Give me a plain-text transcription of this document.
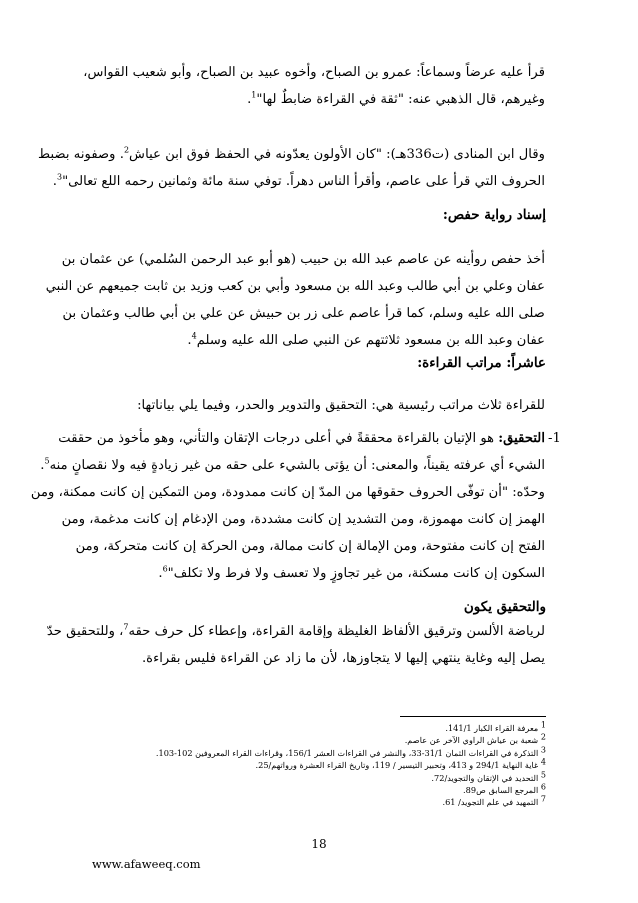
قرأ عليه عرضاً وسماعاً: عمرو بن الصباح، وأخوه عبيد بن الصباح، وأبو شعيب القواس،
وغيرهم، قال الذهبي عنه: "ثقة في القراءة ضابطٌ لها"$^1$.
وقال ابن المنادى (ت336هـ): "كان الأولون يعدّونه في الحفظ فوق ابن عياش$^2$. وصفونه بضبط
الحروف التي قرأ على عاصم، وأقرأ الناس دهراً. توفي سنة مائة وثمانين رحمه اللع تعالى"$^3$.
إسناد رواية حفص:
أخذ حفص روأينه عن عاصم عبد الله بن حبيب (هو أبو عبد الرحمن السُلمي) عن عثمان بن
عفان وعلي بن أبي طالب وعبد الله بن مسعود وأبي بن كعب وزيد بن ثابت جميعهم عن النبي
صلى الله عليه وسلم، كما قرأ عاصم على زر بن حبيش عن علي بن أبي طالب وعثمان بن
عفان وعبد الله بن مسعود ثلاثتهم عن النبي صلى الله عليه وسلم$^4$.
عاشراً: مراتب القراءة:
للقراءة ثلاث مراتب رئيسية هي: التحقيق والتدوير والحدر، وفيما يلي بياناتها:
1-
التحقيق: هو الإتيان بالقراءة محققةً في أعلى درجات الإتقان والتأني، وهو مأخوذ من حققت
الشيء أي عرفته يقيناً، والمعنى: أن يؤتى بالشيء على حقه من غير زيادةٍ فيه ولا نقصانٍ منه$^5$.
وحدّه: "أن توفّى الحروف حقوقها من المدّ إن كانت ممدودة، ومن التمكين إن كانت ممكنة، ومن
الهمز إن كانت مهموزة، ومن التشديد إن كانت مشددة، ومن الإدغام إن كانت مدغمة، ومن
الفتح إن كانت مفتوحة، ومن الإمالة إن كانت ممالة، ومن الحركة إن كانت متحركة، ومن
السكون إن كانت مسكنة، من غير تجاوزٍ ولا تعسف ولا فرط ولا تكلف"$^6$.
والتحقيق يكون
لرياضة الألسن وترقيق الألفاظ الغليظة وإقامة القراءة، وإعطاء كل حرف حقه$^7$، وللتحقيق حدّ
يصل إليه وغاية ينتهي إليها لا يتجاوزها، لأن ما زاد عن القراءة فليس بقراءة.
1 معرفة القراء الكبار 141/1.
2 شعبة بن عياش الراوي الآخر عن عاصم.
3 التذكرة في القراءات الثمان 31/1-33، والنشر في القراءات العشر 156/1، وقراءات القراء المعروفين 102-103.
4 غاية النهاية 294/1 و 413، وتحبير التيسير / 119، وتاريخ القراء العشرة ورواتهم/25.
5 التحديد في الإتقان والتجويد/72.
6 المرجع السابق ص89.
7 التمهيد في علم التجويد/ 61.
18
www.afaweeq.com
